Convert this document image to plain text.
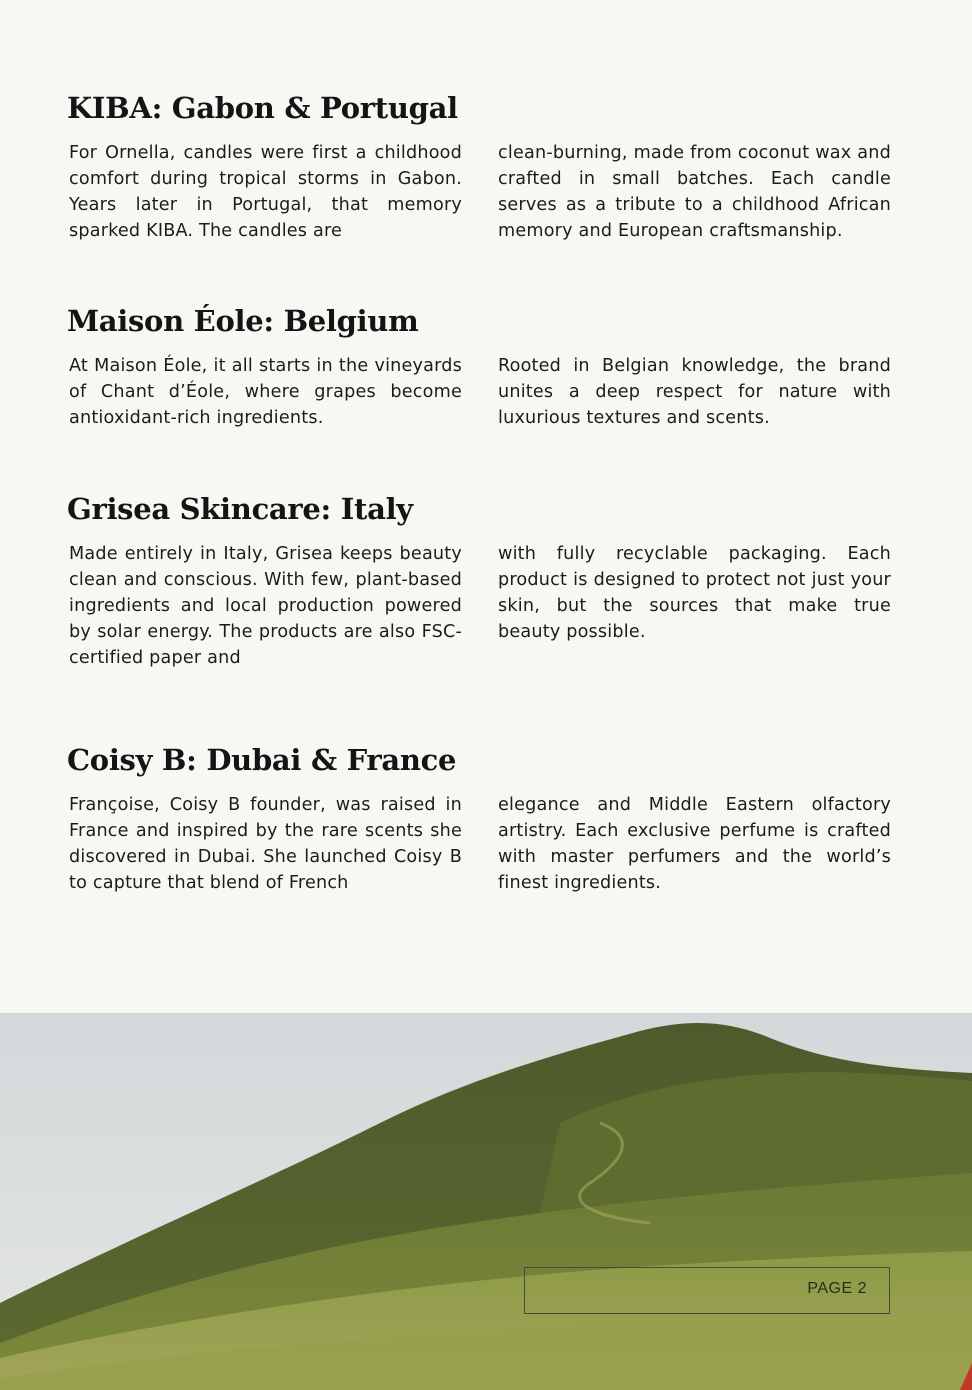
KIBA: Gabon & Portugal

For Ornella, candles were first a childhood comfort during tropical storms in Gabon. Years later in Portugal, that memory sparked KIBA. The candles are

clean-burning, made from coconut wax and crafted in small batches. Each candle serves as a tribute to a childhood African memory and European craftsmanship.

Maison Éole: Belgium

At Maison Éole, it all starts in the vineyards of Chant d’Éole, where grapes become antioxidant-rich ingredients.

Rooted in Belgian knowledge, the brand unites a deep respect for nature with luxurious textures and scents.

Grisea Skincare: Italy

Made entirely in Italy, Grisea keeps beauty clean and conscious. With few, plant-based ingredients and local production powered by solar energy. The products are also FSC-certified paper and

with fully recyclable packaging. Each product is designed to protect not just your skin, but the sources that make true beauty possible.

Coisy B: Dubai & France

Françoise, Coisy B founder, was raised in France and inspired by the rare scents she discovered in Dubai. She launched Coisy B to capture that blend of French

elegance and Middle Eastern olfactory artistry. Each exclusive perfume is crafted with master perfumers and the world’s finest ingredients.

PAGE 2
